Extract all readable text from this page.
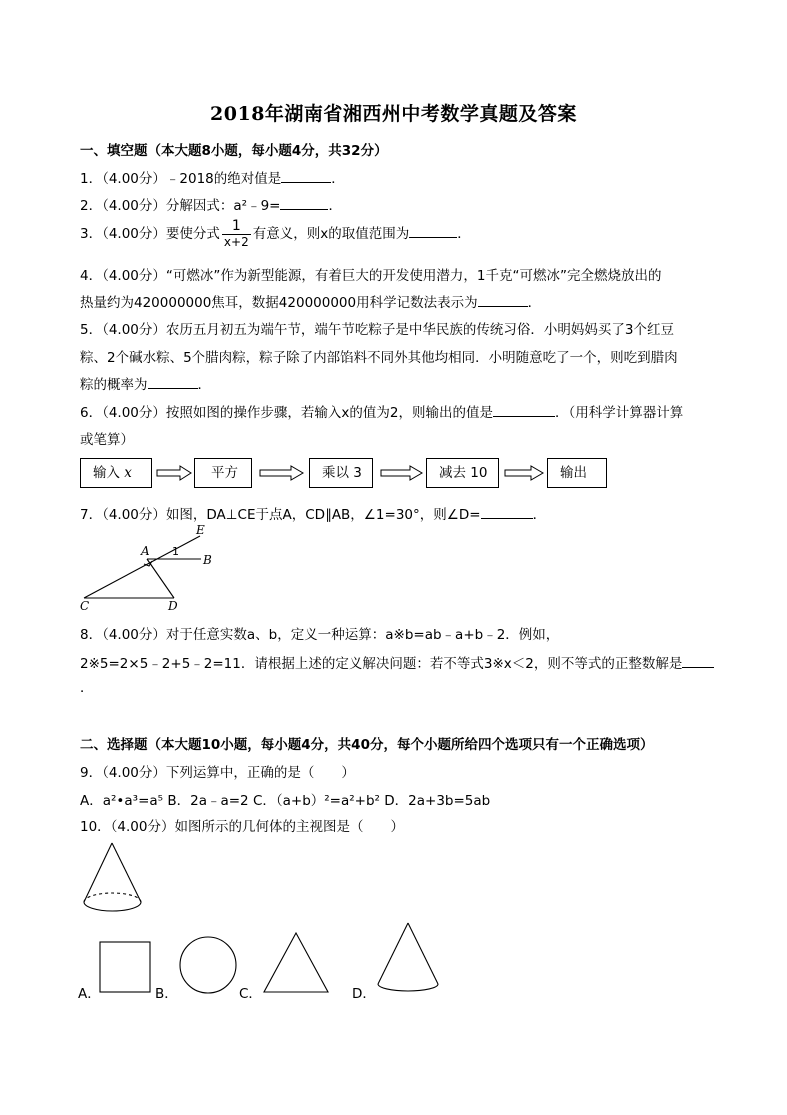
2018年湖南省湘西州中考数学真题及答案
一、填空题（本大题8小题，每小题4分，共32分）
1．（4.00分）﹣2018的绝对值是	．
2．（4.00分）分解因式：a²﹣9=	．
3．（4.00分）要使分式 $\frac{1}{x+2}$ 有意义，则x的取值范围为	．
4．（4.00分）“可燃冰”作为新型能源，有着巨大的开发使用潜力，1千克“可燃冰”完全燃烧放出的
热量约为420000000焦耳，数据420000000用科学记数法表示为	．
5．（4.00分）农历五月初五为端午节，端午节吃粽子是中华民族的传统习俗．小明妈妈买了3个红豆
粽、2个碱水粽、5个腊肉粽，粽子除了内部馅料不同外其他均相同．小明随意吃了一个，则吃到腊肉
粽的概率为	．
6．（4.00分）按照如图的操作步骤，若输入x的值为2，则输出的值是	．（用科学计算器计算
或笔算）
输入 x	平方	乘以 3	减去 10	输出
7．（4.00分）如图，DA⊥CE于点A，CD∥AB，∠1=30°，则∠D=	．
E
A
B
C	D
1
8．（4.00分）对于任意实数a、b，定义一种运算：a※b=ab﹣a+b﹣2．例如，
2※5=2×5﹣2+5﹣2=11．请根据上述的定义解决问题：若不等式3※x＜2，则不等式的正整数解是
．
二、选择题（本大题10小题，每小题4分，共40分，每个小题所给四个选项只有一个正确选项）
9．（4.00分）下列运算中，正确的是（　　）
A．a²•a³=a⁵ B．2a﹣a=2 C．（a+b）²=a²+b² D．2a+3b=5ab
10．（4.00分）如图所示的几何体的主视图是（　　）
A．	B．	C．	D．
